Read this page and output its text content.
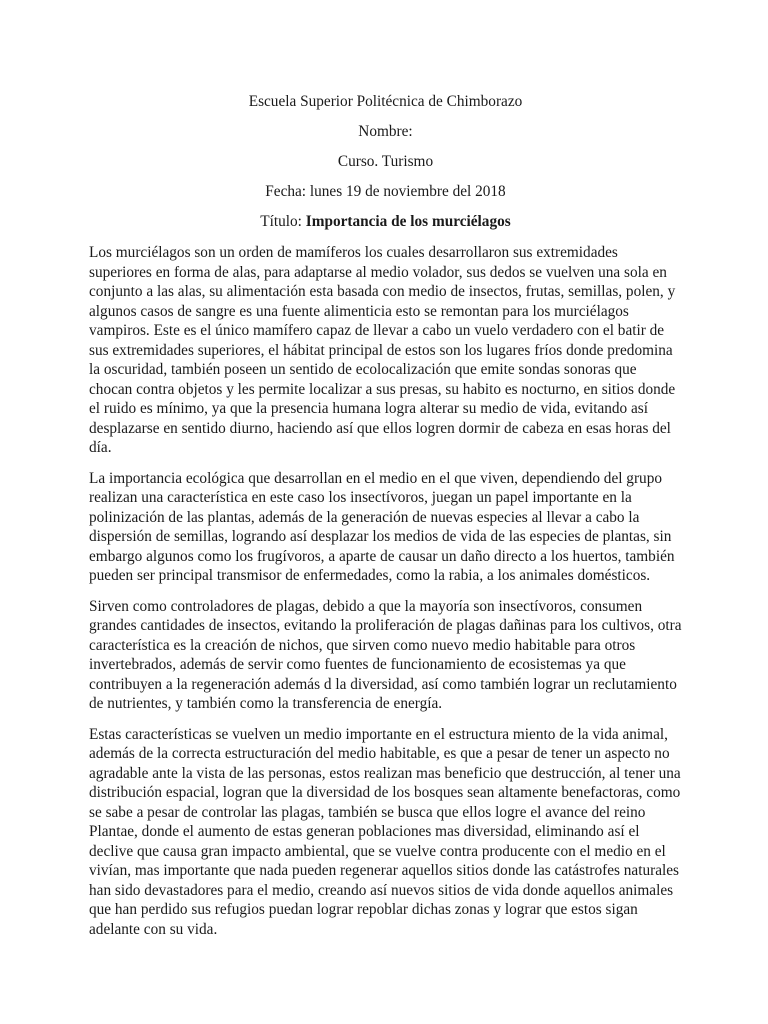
Escuela Superior Politécnica de Chimborazo
Nombre:
Curso. Turismo
Fecha: lunes 19 de noviembre del 2018
Título: Importancia de los murciélagos

Los murciélagos son un orden de mamíferos los cuales desarrollaron sus extremidades superiores en forma de alas, para adaptarse al medio volador, sus dedos se vuelven una sola en conjunto a las alas, su alimentación esta basada con medio de insectos, frutas, semillas, polen, y algunos casos de sangre es una fuente alimenticia esto se remontan para los murciélagos vampiros. Este es el único mamífero capaz de llevar a cabo un vuelo verdadero con el batir de sus extremidades superiores, el hábitat principal de estos son los lugares fríos donde predomina la oscuridad, también poseen un sentido de ecolocalización que emite sondas sonoras que chocan contra objetos y les permite localizar a sus presas, su habito es nocturno, en sitios donde el ruido es mínimo, ya que la presencia humana logra alterar su medio de vida, evitando así desplazarse en sentido diurno, haciendo así que ellos logren dormir de cabeza en esas horas del día.

La importancia ecológica que desarrollan en el medio en el que viven, dependiendo del grupo realizan una característica en este caso los insectívoros, juegan un papel importante en la polinización de las plantas, además de la generación de nuevas especies al llevar a cabo la dispersión de semillas, logrando así desplazar los medios de vida de las especies de plantas, sin embargo algunos como los frugívoros, a aparte de causar un daño directo a los huertos, también pueden ser principal transmisor de enfermedades, como la rabia, a los animales domésticos.

Sirven como controladores de plagas, debido a que la mayoría son insectívoros, consumen grandes cantidades de insectos, evitando la proliferación de plagas dañinas para los cultivos, otra característica es la creación de nichos, que sirven como nuevo medio habitable para otros invertebrados, además de servir como fuentes de funcionamiento de ecosistemas ya que contribuyen a la regeneración además d la diversidad, así como también lograr un reclutamiento de nutrientes, y también como la transferencia de energía.

Estas características se vuelven un medio importante en el estructura miento de la vida animal, además de la correcta estructuración del medio habitable, es que a pesar de tener un aspecto no agradable ante la vista de las personas, estos realizan mas beneficio que destrucción, al tener una distribución espacial, logran que la diversidad de los bosques sean altamente benefactoras, como se sabe a pesar de controlar las plagas, también se busca que ellos logre el avance del reino Plantae, donde el aumento de estas generan poblaciones mas diversidad, eliminando así el declive que causa gran impacto ambiental, que se vuelve contra producente con el medio en el vivían, mas importante que nada pueden regenerar aquellos sitios donde las catástrofes naturales han sido devastadores para el medio, creando así nuevos sitios de vida donde aquellos animales que han perdido sus refugios puedan lograr repoblar dichas zonas y lograr que estos sigan adelante con su vida.
